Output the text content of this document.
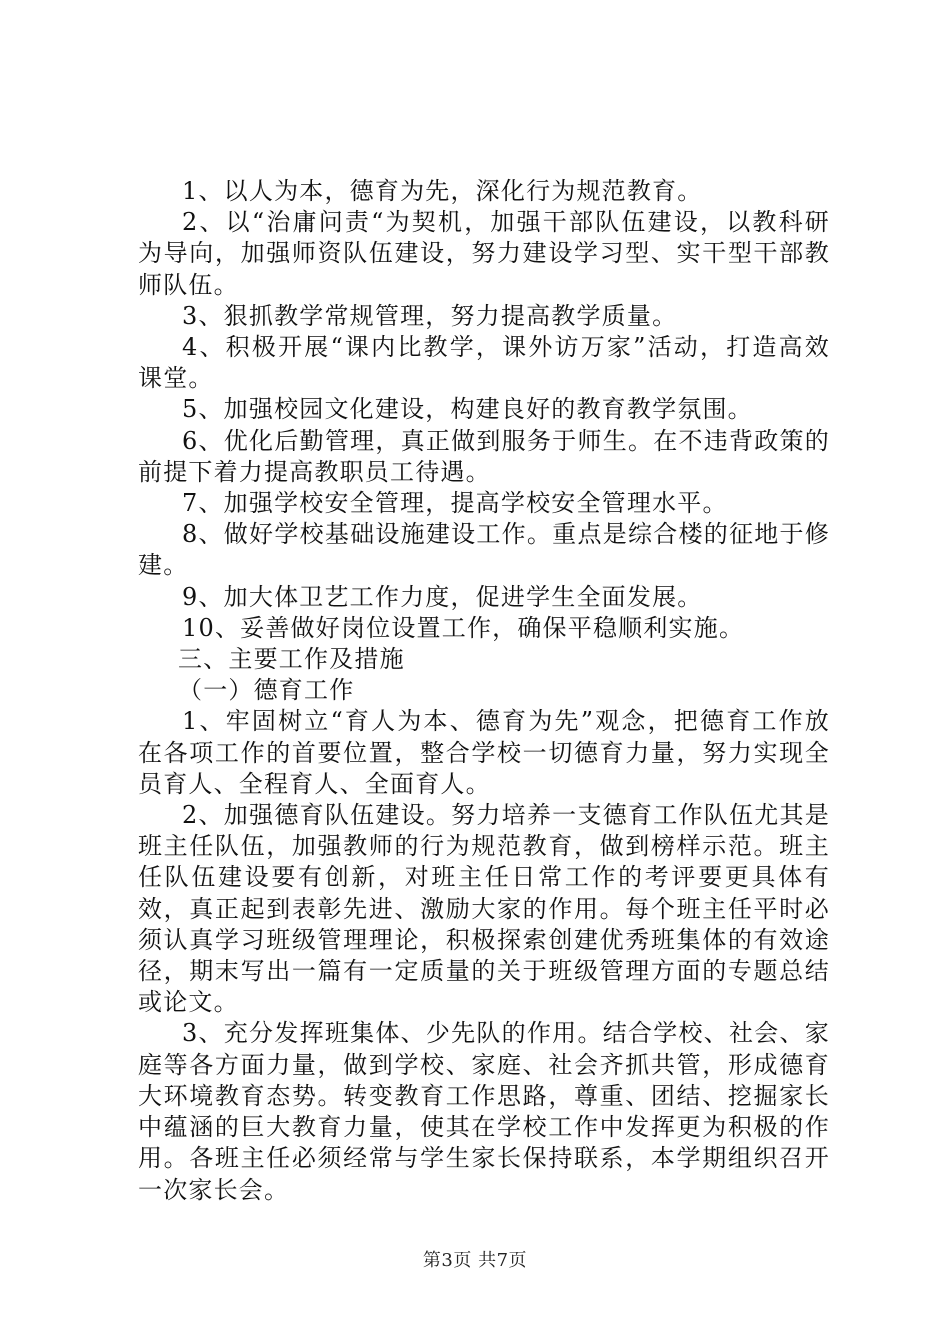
1、以人为本，德育为先，深化行为规范教育。

2、以“治庸问责“为契机，加强干部队伍建设，以教科研为导向，加强师资队伍建设，努力建设学习型、实干型干部教师队伍。

3、狠抓教学常规管理，努力提高教学质量。

4、积极开展“课内比教学，课外访万家”活动，打造高效课堂。

5、加强校园文化建设，构建良好的教育教学氛围。

6、优化后勤管理，真正做到服务于师生。在不违背政策的前提下着力提高教职员工待遇。

7、加强学校安全管理，提高学校安全管理水平。

8、做好学校基础设施建设工作。重点是综合楼的征地于修建。

9、加大体卫艺工作力度，促进学生全面发展。

10、妥善做好岗位设置工作，确保平稳顺利实施。

三、主要工作及措施

（一）德育工作

1、牢固树立“育人为本、德育为先”观念，把德育工作放在各项工作的首要位置，整合学校一切德育力量，努力实现全员育人、全程育人、全面育人。

2、加强德育队伍建设。努力培养一支德育工作队伍尤其是班主任队伍，加强教师的行为规范教育，做到榜样示范。班主任队伍建设要有创新，对班主任日常工作的考评要更具体有效，真正起到表彰先进、激励大家的作用。每个班主任平时必须认真学习班级管理理论，积极探索创建优秀班集体的有效途径，期末写出一篇有一定质量的关于班级管理方面的专题总结或论文。

3、充分发挥班集体、少先队的作用。结合学校、社会、家庭等各方面力量，做到学校、家庭、社会齐抓共管，形成德育大环境教育态势。转变教育工作思路，尊重、团结、挖掘家长中蕴涵的巨大教育力量，使其在学校工作中发挥更为积极的作用。各班主任必须经常与学生家长保持联系，本学期组织召开一次家长会。

第3页 共7页
